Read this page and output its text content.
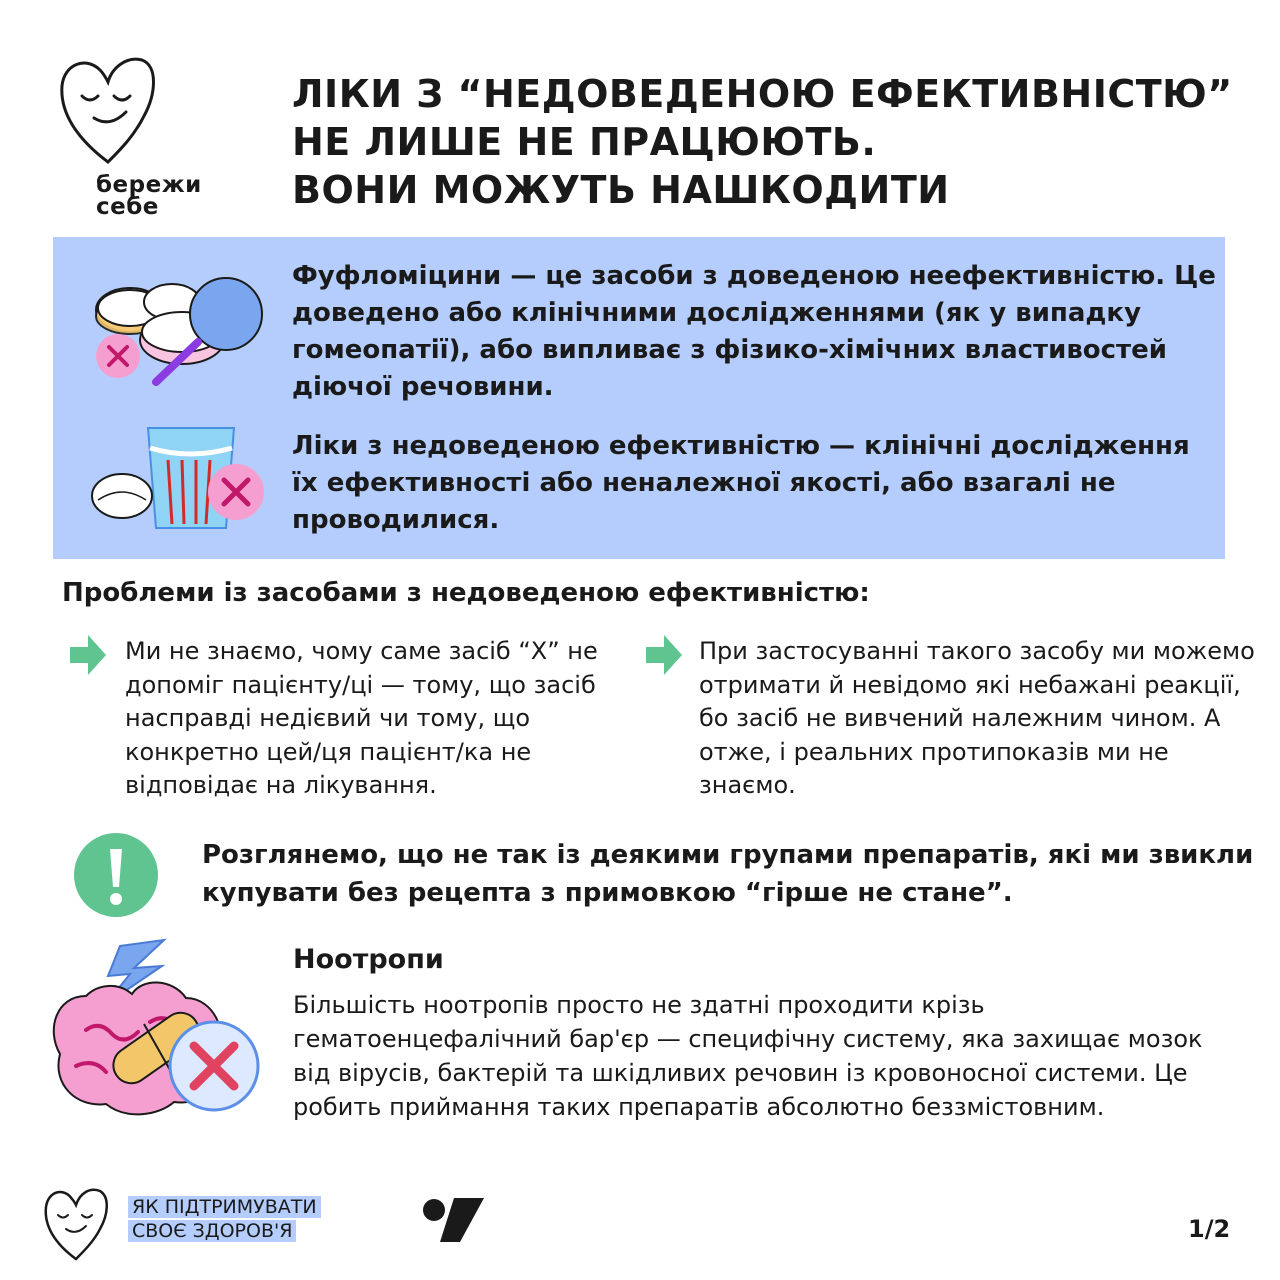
бережи
себе
ЛІКИ З “НЕДОВЕДЕНОЮ ЕФЕКТИВНІСТЮ”
НЕ ЛИШЕ НЕ ПРАЦЮЮТЬ.
ВОНИ МОЖУТЬ НАШКОДИТИ
Фуфломіцини — це засоби з доведеною неефективністю. Це доведено або клінічними дослідженнями (як у випадку гомеопатії), або випливає з фізико-хімічних властивостей діючої речовини.
Ліки з недоведеною ефективністю — клінічні дослідження їх ефективності або неналежної якості, або взагалі не проводилися.
Проблеми із засобами з недоведеною ефективністю:
Ми не знаємо, чому саме засіб “Х” не допоміг пацієнту/ці — тому, що засіб насправді недієвий чи тому, що конкретно цей/ця пацієнт/ка не відповідає на лікування.
При застосуванні такого засобу ми можемо отримати й невідомо які небажані реакції, бо засіб не вивчений належним чином. А отже, і реальних протипоказів ми не знаємо.
Розглянемо, що не так із деякими групами препаратів, які ми звикли купувати без рецепта з примовкою “гірше не стане”.
Ноотропи
Більшість ноотропів просто не здатні проходити крізь гематоенцефалічний бар'єр — специфічну систему, яка захищає мозок від вірусів, бактерій та шкідливих речовин із кровоносної системи. Це робить приймання таких препаратів абсолютно беззмістовним.
ЯК ПІДТРИМУВАТИ
СВОЄ ЗДОРОВ'Я	1/2
